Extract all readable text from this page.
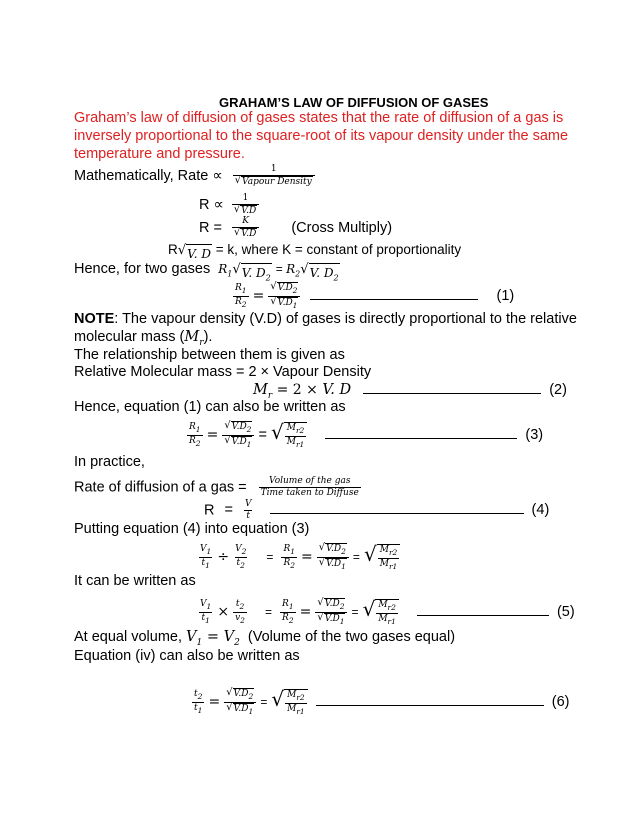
GRAHAM’S LAW OF DIFFUSION OF GASES
Graham’s law of diffusion of gases states that the rate of diffusion of a gas is
inversely proportional to the square-root of its vapour density under the same
temperature and pressure.
Mathematically, Rate ∝ $\frac{1}{\text{√ Vapour Density}}$
$R \propto \frac{1}{√ V.D}$
$R = \frac{K}{√ V.D}$ (Cross Multiply)
R √ V. D = k, where K = constant of proportionality
Hence, for two gases $R_1$ √ V. $D_2$
= $R_2$ √ V. $D_2$
$\frac{R_1}{R_2} = \frac{√ V.D_2}{√ V.D_1}$	(1)
NOTE: The vapour density (V.D) of gases is directly proportional to the relative
molecular mass $(M_r)$.
The relationship between them is given as
Relative Molecular mass = 2 × Vapour Density
$M_r = 2 \times V$. D	(2)
Hence, equation (1) can also be written as
$\frac{R_1}{R_2} = \frac{√ V.D_2}{√ V.D_1}$ = √ $\frac{M_{r2}}{M_{r1}}$	(3)
In practice,
Rate of diffusion of a gas = $\frac{\text{Volume of the gas}}{\text{Time taken to Diffuse}}$
$R = \frac{V}{t}$	(4)
Putting equation (4) into equation (3)
$\frac{V_1}{t_1} \div \frac{V_2}{t_2} = \frac{R_1}{R_2} = \frac{√ V.D_2}{√ V.D_1}$ = √ $\frac{M_{r2}}{M_{r1}}$
It can be written as
$\frac{V_1}{t_1} \times \frac{t_2}{v_2} = \frac{R_1}{R_2} = \frac{√ V.D_2}{√ V.D_1}$ = √ $\frac{M_{r2}}{M_{r1}}$	(5)
At equal volume, $V_1 = V_2$ (Volume of the two gases equal)
Equation (iv) can also be written as
$\frac{t_2}{t_1} = \frac{√ V.D_2}{√ V.D_1}$ = √ $\frac{M_{r2}}{M_{r1}}$	(6)
